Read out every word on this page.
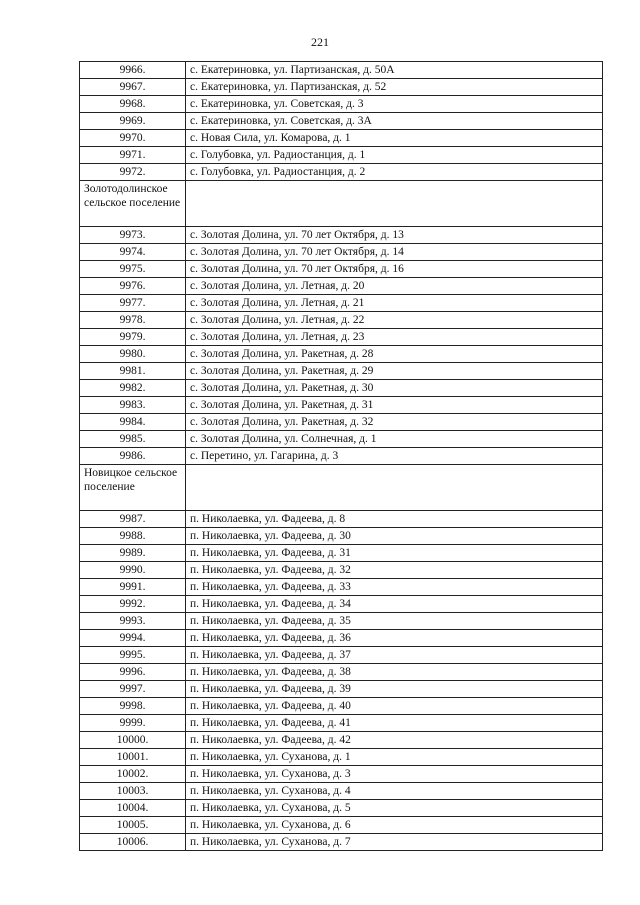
221
9966.	с. Екатериновка, ул. Партизанская, д. 50А
9967.	с. Екатериновка, ул. Партизанская, д. 52
9968.	с. Екатериновка, ул. Советская, д. 3
9969.	с. Екатериновка, ул. Советская, д. 3А
9970.	с. Новая Сила, ул. Комарова, д. 1
9971.	с. Голубовка, ул. Радиостанция, д. 1
9972.	с. Голубовка, ул. Радиостанция, д. 2
Золотодолинское сельское поселение	
9973.	с. Золотая Долина, ул. 70 лет Октября, д. 13
9974.	с. Золотая Долина, ул. 70 лет Октября, д. 14
9975.	с. Золотая Долина, ул. 70 лет Октября, д. 16
9976.	с. Золотая Долина, ул. Летная, д. 20
9977.	с. Золотая Долина, ул. Летная, д. 21
9978.	с. Золотая Долина, ул. Летная, д. 22
9979.	с. Золотая Долина, ул. Летная, д. 23
9980.	с. Золотая Долина, ул. Ракетная, д. 28
9981.	с. Золотая Долина, ул. Ракетная, д. 29
9982.	с. Золотая Долина, ул. Ракетная, д. 30
9983.	с. Золотая Долина, ул. Ракетная, д. 31
9984.	с. Золотая Долина, ул. Ракетная, д. 32
9985.	с. Золотая Долина, ул. Солнечная, д. 1
9986.	с. Перетино, ул. Гагарина, д. 3
Новицкое сельское поселение	
9987.	п. Николаевка, ул. Фадеева, д. 8
9988.	п. Николаевка, ул. Фадеева, д. 30
9989.	п. Николаевка, ул. Фадеева, д. 31
9990.	п. Николаевка, ул. Фадеева, д. 32
9991.	п. Николаевка, ул. Фадеева, д. 33
9992.	п. Николаевка, ул. Фадеева, д. 34
9993.	п. Николаевка, ул. Фадеева, д. 35
9994.	п. Николаевка, ул. Фадеева, д. 36
9995.	п. Николаевка, ул. Фадеева, д. 37
9996.	п. Николаевка, ул. Фадеева, д. 38
9997.	п. Николаевка, ул. Фадеева, д. 39
9998.	п. Николаевка, ул. Фадеева, д. 40
9999.	п. Николаевка, ул. Фадеева, д. 41
10000.	п. Николаевка, ул. Фадеева, д. 42
10001.	п. Николаевка, ул. Суханова, д. 1
10002.	п. Николаевка, ул. Суханова, д. 3
10003.	п. Николаевка, ул. Суханова, д. 4
10004.	п. Николаевка, ул. Суханова, д. 5
10005.	п. Николаевка, ул. Суханова, д. 6
10006.	п. Николаевка, ул. Суханова, д. 7
